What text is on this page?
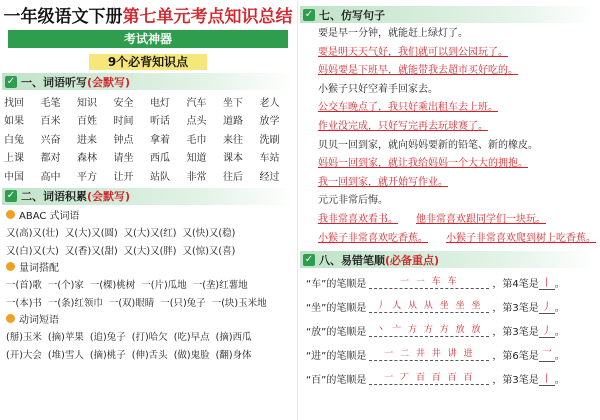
一年级语文下册第七单元考点知识总结
考试神器
9个必背知识点
✓ 一、词语听写 (会默写)
找回	毛笔	知识	安全	电灯	汽车	坐下	老人
如果	百米	百姓	时间	听话	点头	道路	放学
白兔	兴奋	进来	钟点	拿着	毛巾	来往	洗刷
上课	都对	森林	请坐	西瓜	知道	课本	车站
中国	高中	平方	让开	站队	非常	往后	经过
✓ 二、词语积累 (会默写)
ABAC 式词语
又(高)又(壮) 又(大)又(圆) 又(大)又(红) 又(快)又(稳)
又(白)又(大) 又(香)又(甜) 又(大)又(胖) 又(惊)又(喜)
量词搭配
一(首)歌 一(个)家 一(棵)桃树 一(片)瓜地 一(垄)红薯地
一(本)书 一(条)红领巾 一(双)眼睛 一(只)兔子 一(块)玉米地
动词短语
(掰)玉米 (摘)苹果 (追)兔子 (打)哈欠 (吃)早点 (摘)西瓜
(开)大会 (堆)雪人 (摘)桃子 (伸)舌头 (做)鬼脸 (翻)身体
✓ 七、仿写句子
要是早一分钟，就能赶上绿灯了。
要是明天天气好，我们就可以到公园玩了。
妈妈要是下班早，就能带我去超市买好吃的。
小猴子只好空着手回家去。
公交车晚点了，我只好乘出租车去上班。
作业没完成，只好写完再去玩球赛了。
贝贝一回到家，就向妈妈要新的铅笔、新的橡皮。
妈妈一回到家，就让我给妈妈一个大大的拥抱。
我一回到家，就开始写作业。
元元非常后悔。
我非常喜欢看书。 他非常喜欢跟同学们一块玩。
小猴子非常喜欢吃香蕉。 小猴子非常喜欢爬到树上吃香蕉。
✓ 八、易错笔顺 (必备重点)
“车”的笔顺是	一 ㇐ 车 车	，第4笔是 丨 。
“坐”的笔顺是	丿 人 从 从 坐 坐 坐 ，第3笔是 丿 。
“放”的笔顺是	丶 亠 方 方 方 放 放 ，第3笔是 丿 。
“进”的笔顺是	一 二 井 井 讲 进	，第6笔是 乛 。
“百”的笔顺是	一 丆 百 百 百 百	，第3笔是 丨 。
